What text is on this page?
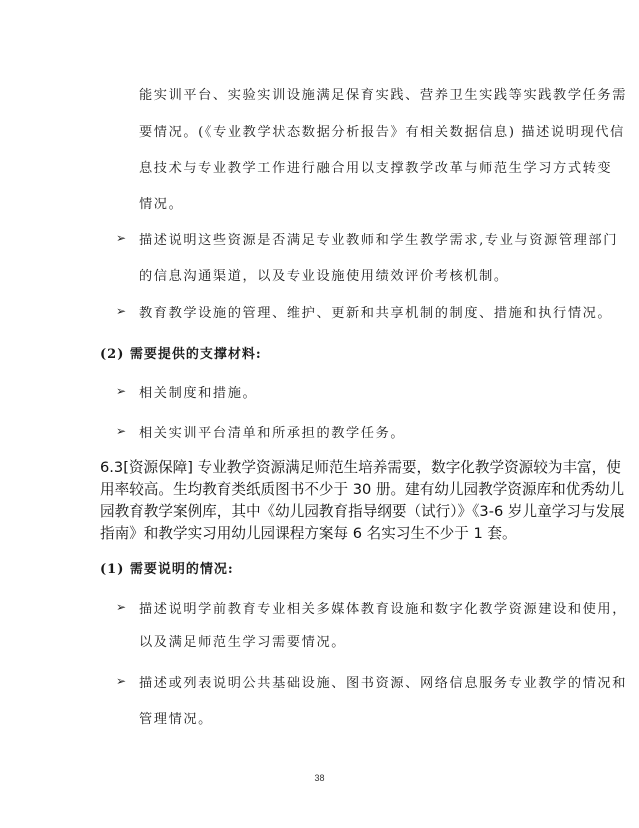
能实训平台、实验实训设施满足保育实践、营养卫生实践等实践教学任务需
要情况。(《专业教学状态数据分析报告》有相关数据信息) 描述说明现代信
息技术与专业教学工作进行融合用以支撑教学改革与师范生学习方式转变
情况。
➢ 描述说明这些资源是否满足专业教师和学生教学需求,专业与资源管理部门
的信息沟通渠道，以及专业设施使用绩效评价考核机制。
➢ 教育教学设施的管理、维护、更新和共享机制的制度、措施和执行情况。
(2) 需要提供的支撑材料:
➢ 相关制度和措施。
➢ 相关实训平台清单和所承担的教学任务。
6.3[资源保障] 专业教学资源满足师范生培养需要，数字化教学资源较为丰富，使
用率较高。生均教育类纸质图书不少于 30 册。建有幼儿园教学资源库和优秀幼儿
园教育教学案例库，其中《幼儿园教育指导纲要（试行）》《3-6 岁儿童学习与发展
指南》和教学实习用幼儿园课程方案每 6 名实习生不少于 1 套。
(1) 需要说明的情况:
➢ 描述说明学前教育专业相关多媒体教育设施和数字化教学资源建设和使用，
以及满足师范生学习需要情况。
➢ 描述或列表说明公共基础设施、图书资源、网络信息服务专业教学的情况和
管理情况。
38
